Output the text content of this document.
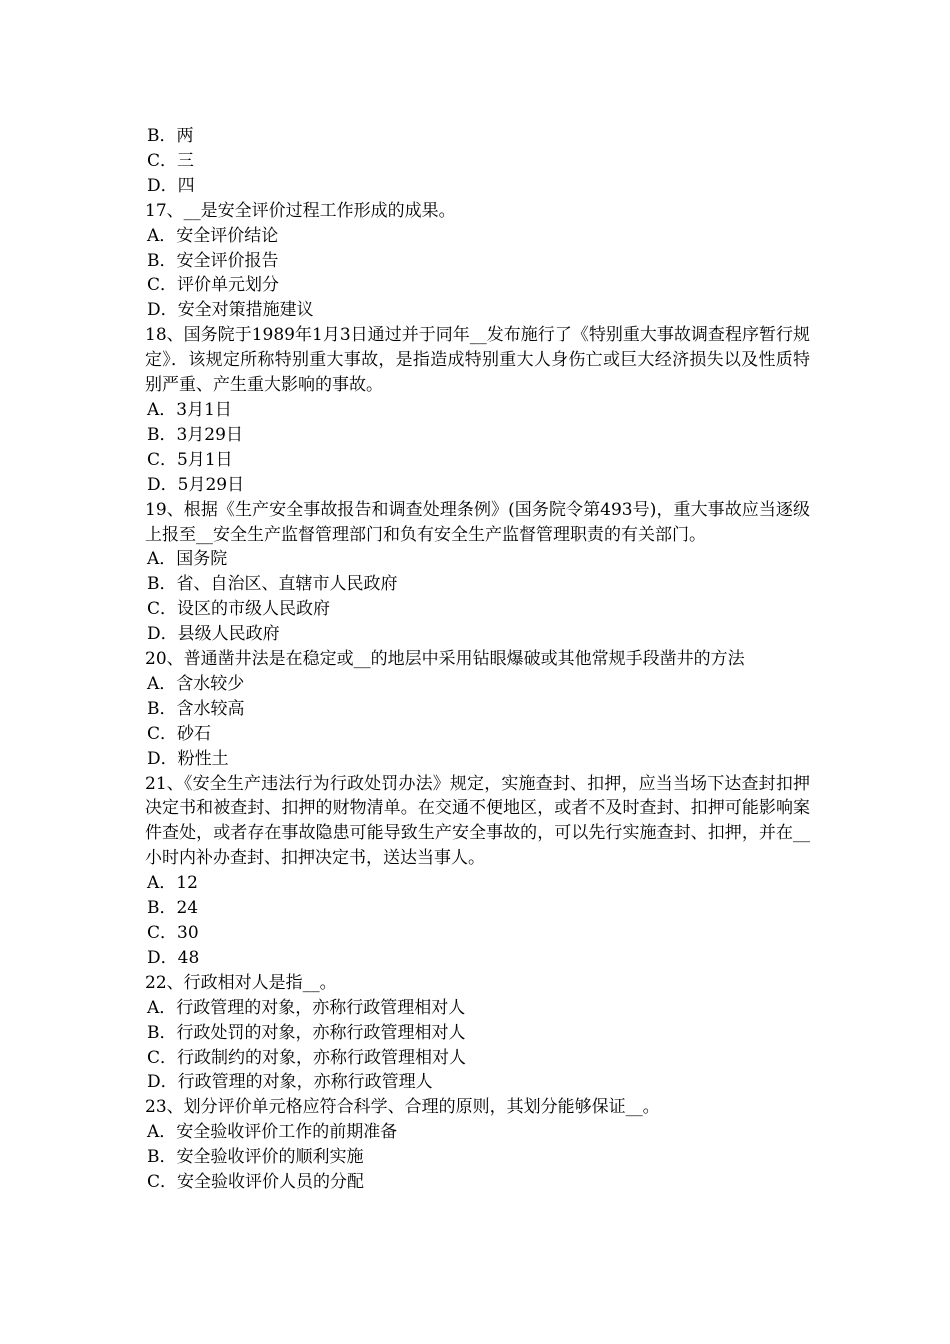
B．两
C．三
D．四
17、__是安全评价过程工作形成的成果。
A．安全评价结论
B．安全评价报告
C．评价单元划分
D．安全对策措施建议
18、国务院于1989年1月3日通过并于同年__发布施行了《特别重大事故调查程序暂行规定》．该规定所称特别重大事故，是指造成特别重大人身伤亡或巨大经济损失以及性质特别严重、产生重大影响的事故。
A．3月1日
B．3月29日
C．5月1日
D．5月29日
19、根据《生产安全事故报告和调查处理条例》(国务院令第493号)，重大事故应当逐级上报至__安全生产监督管理部门和负有安全生产监督管理职责的有关部门。
A．国务院
B．省、自治区、直辖市人民政府
C．设区的市级人民政府
D．县级人民政府
20、普通凿井法是在稳定或__的地层中采用钻眼爆破或其他常规手段凿井的方法
A．含水较少
B．含水较高
C．砂石
D．粉性土
21、《安全生产违法行为行政处罚办法》规定，实施查封、扣押，应当当场下达查封扣押决定书和被查封、扣押的财物清单。在交通不便地区，或者不及时查封、扣押可能影响案件查处，或者存在事故隐患可能导致生产安全事故的，可以先行实施查封、扣押，并在__小时内补办查封、扣押决定书，送达当事人。
A．12
B．24
C．30
D．48
22、行政相对人是指__。
A．行政管理的对象，亦称行政管理相对人
B．行政处罚的对象，亦称行政管理相对人
C．行政制约的对象，亦称行政管理相对人
D．行政管理的对象，亦称行政管理人
23、划分评价单元格应符合科学、合理的原则，其划分能够保证__。
A．安全验收评价工作的前期准备
B．安全验收评价的顺利实施
C．安全验收评价人员的分配
